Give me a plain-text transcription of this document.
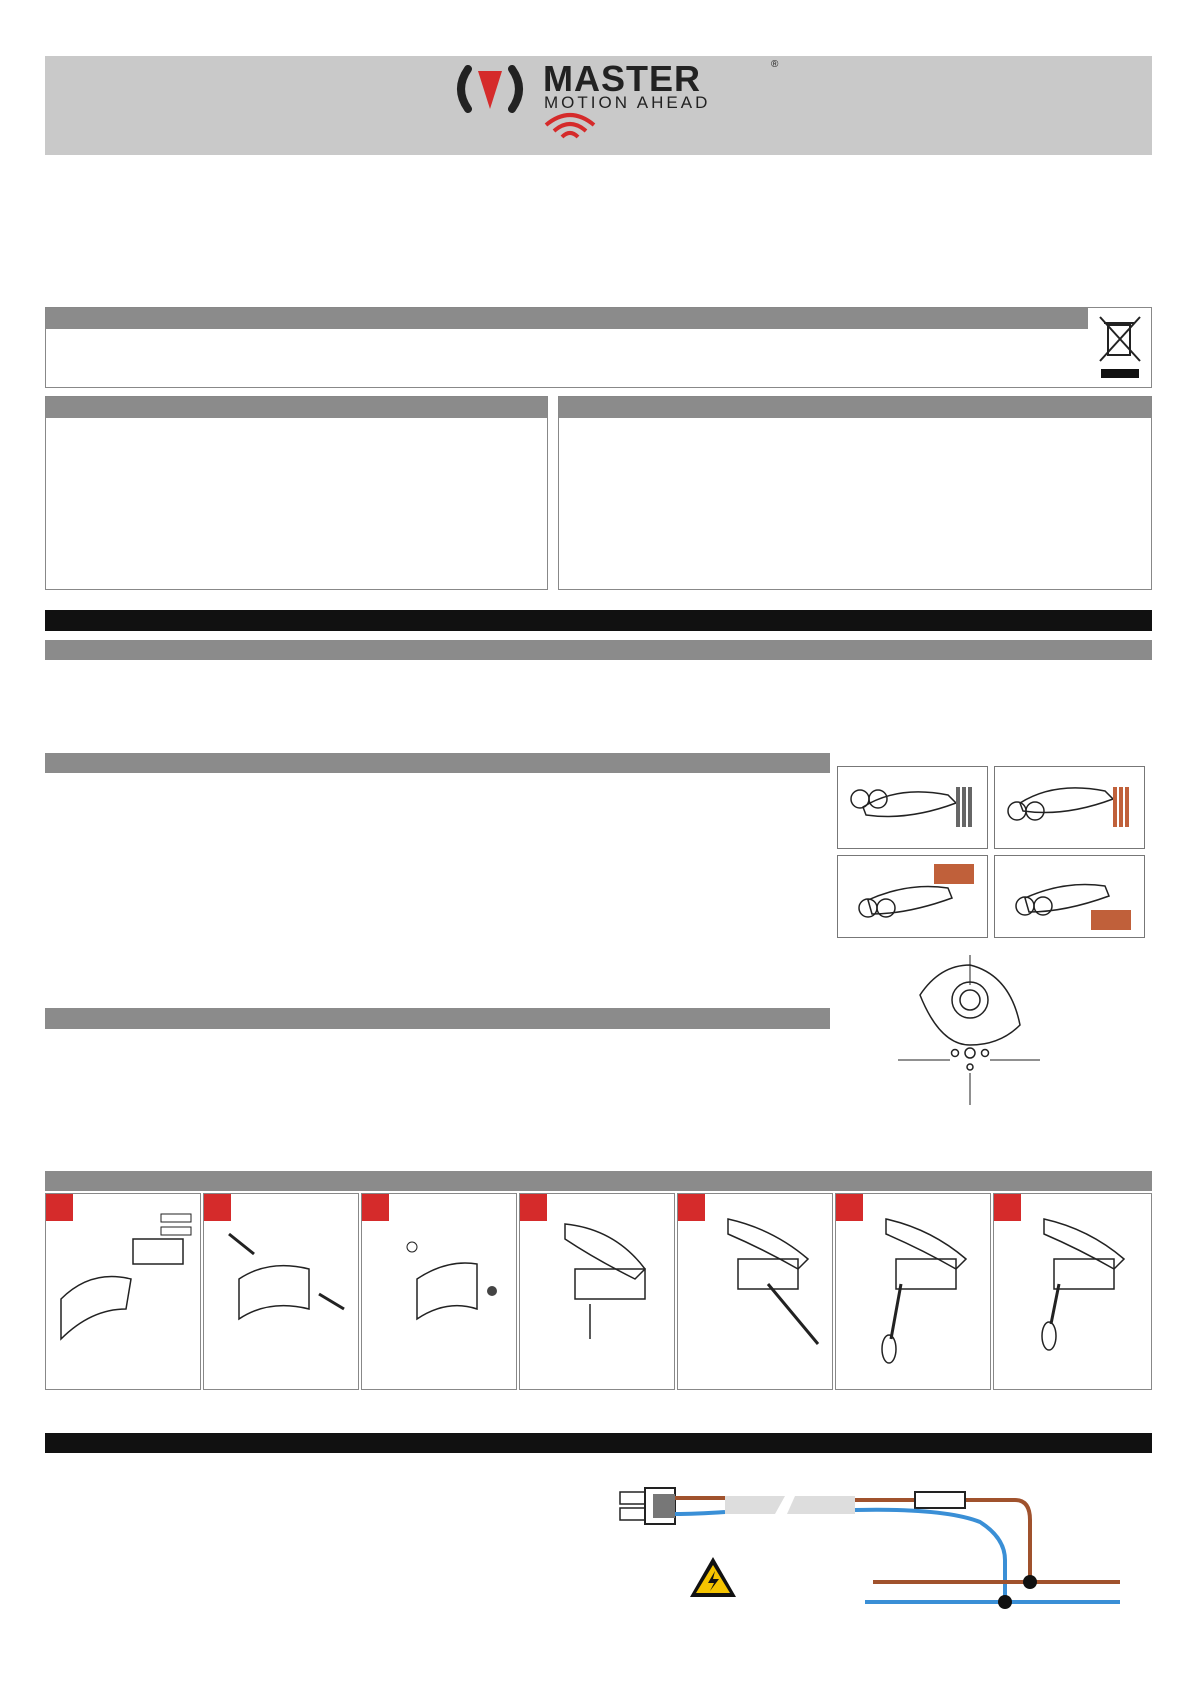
MASTER	®
MOTION AHEAD
